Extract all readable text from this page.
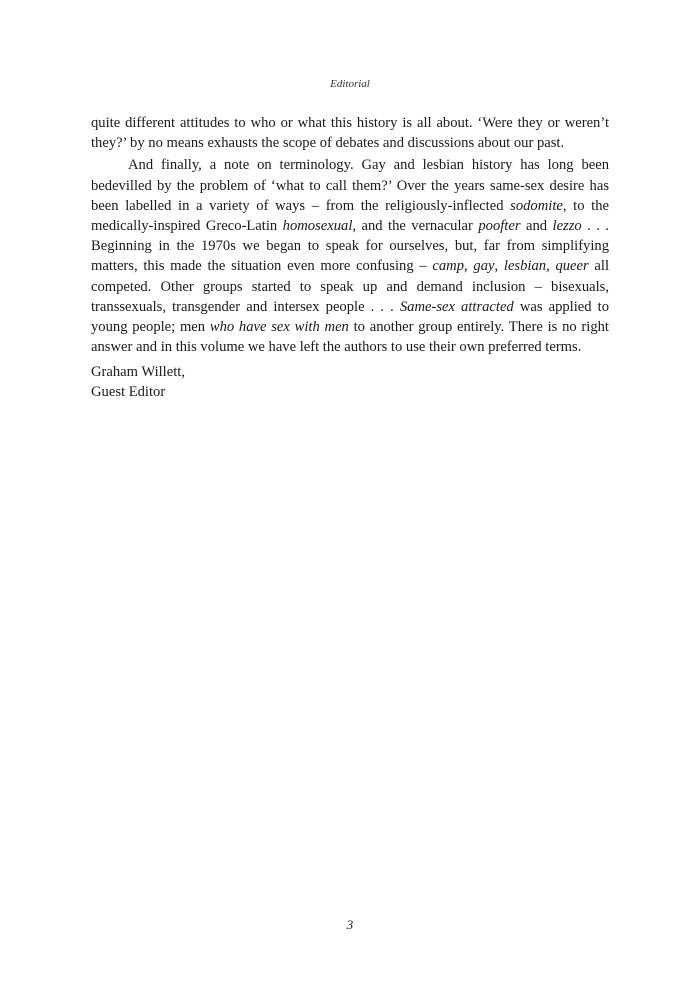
Editorial

quite different attitudes to who or what this history is all about. ‘Were they or weren’t they?’ by no means exhausts the scope of debates and discussions about our past.

And finally, a note on terminology. Gay and lesbian history has long been bedevilled by the problem of ‘what to call them?’ Over the years same-sex desire has been labelled in a variety of ways – from the religiously-inflected sodomite, to the medically-inspired Greco-Latin homosexual, and the vernacular poofter and lezzo . . . Beginning in the 1970s we began to speak for ourselves, but, far from simplifying matters, this made the situation even more confusing – camp, gay, lesbian, queer all competed. Other groups started to speak up and demand inclusion – bisexuals, transsexuals, transgender and intersex people . . . Same-sex attracted was applied to young people; men who have sex with men to another group entirely. There is no right answer and in this volume we have left the authors to use their own preferred terms.

Graham Willett,
Guest Editor
3
